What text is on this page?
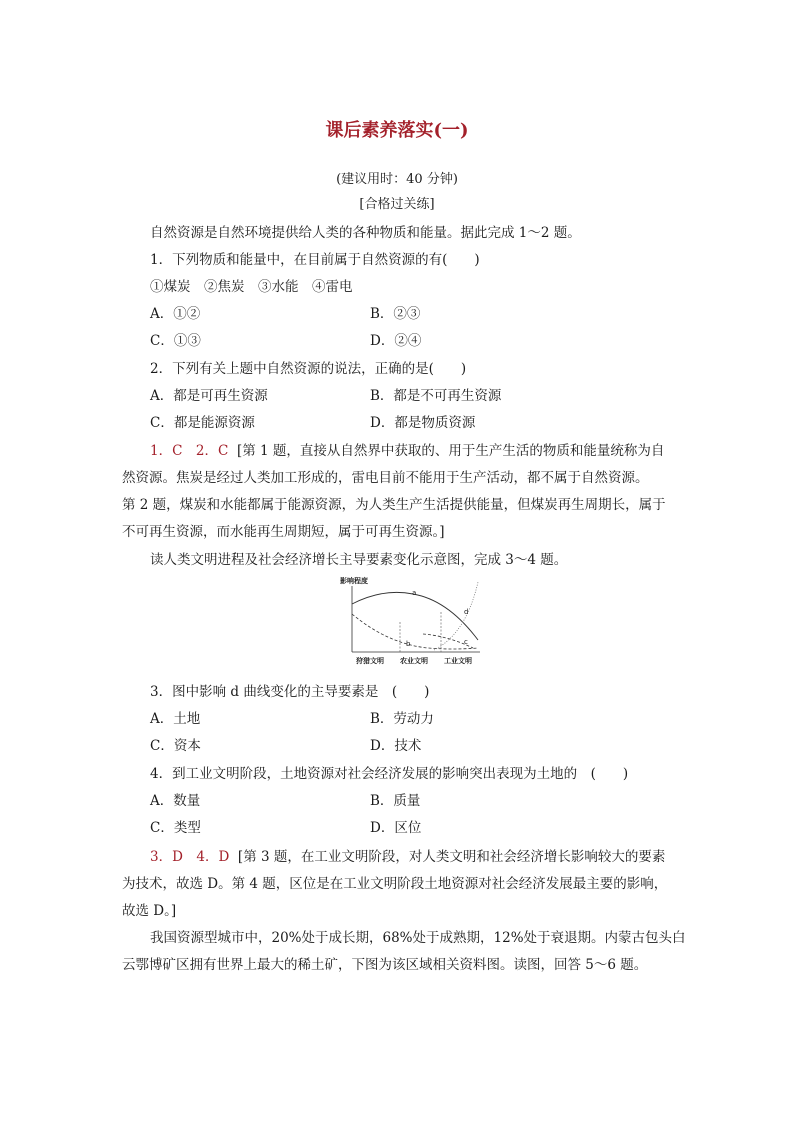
课后素养落实(一)
(建议用时：40 分钟)
[合格过关练]
自然资源是自然环境提供给人类的各种物质和能量。据此完成 1～2 题。
1．下列物质和能量中，在目前属于自然资源的有(　　)
①煤炭　②焦炭　③水能　④雷电
A．①②	B．②③
C．①③	D．②④
2．下列有关上题中自然资源的说法，正确的是(　　)
A．都是可再生资源	B．都是不可再生资源
C．都是能源资源	D．都是物质资源
1．C　2．C [第 1 题，直接从自然界中获取的、用于生产生活的物质和能量统称为自
然资源。焦炭是经过人类加工形成的，雷电目前不能用于生产活动，都不属于自然资源。
第 2 题，煤炭和水能都属于能源资源，为人类生产生活提供能量，但煤炭再生周期长，属于
不可再生资源，而水能再生周期短，属于可再生资源。]
读人类文明进程及社会经济增长主导要素变化示意图，完成 3～4 题。
影响程度
a
b	c
d
狩猎文明 农业文明 工业文明
3．图中影响 d 曲线变化的主导要素是　(　　)
A．土地	B．劳动力
C．资本	D．技术
4．到工业文明阶段，土地资源对社会经济发展的影响突出表现为土地的　(　　)
A．数量	B．质量
C．类型	D．区位
3．D　4．D [第 3 题，在工业文明阶段，对人类文明和社会经济增长影响较大的要素
为技术，故选 D。第 4 题，区位是在工业文明阶段土地资源对社会经济发展最主要的影响，
故选 D。]
我国资源型城市中，20%处于成长期，68%处于成熟期，12%处于衰退期。内蒙古包头白
云鄂博矿区拥有世界上最大的稀土矿，下图为该区域相关资料图。读图，回答 5～6 题。
